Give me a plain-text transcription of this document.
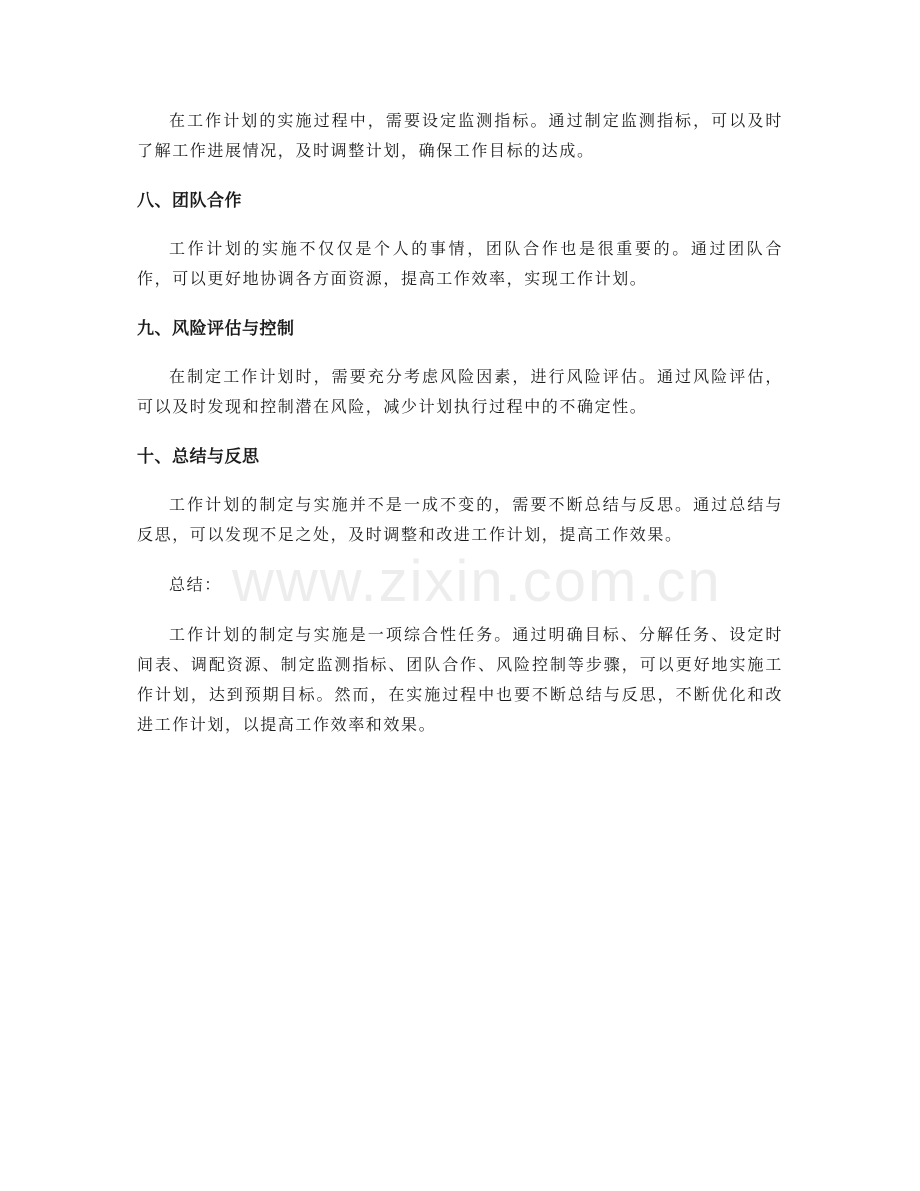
在工作计划的实施过程中，需要设定监测指标。通过制定监测指标，可以及时了解工作进展情况，及时调整计划，确保工作目标的达成。

八、团队合作

工作计划的实施不仅仅是个人的事情，团队合作也是很重要的。通过团队合作，可以更好地协调各方面资源，提高工作效率，实现工作计划。

九、风险评估与控制

在制定工作计划时，需要充分考虑风险因素，进行风险评估。通过风险评估，可以及时发现和控制潜在风险，减少计划执行过程中的不确定性。

十、总结与反思

工作计划的制定与实施并不是一成不变的，需要不断总结与反思。通过总结与反思，可以发现不足之处，及时调整和改进工作计划，提高工作效果。

总结：

工作计划的制定与实施是一项综合性任务。通过明确目标、分解任务、设定时间表、调配资源、制定监测指标、团队合作、风险控制等步骤，可以更好地实施工作计划，达到预期目标。然而，在实施过程中也要不断总结与反思，不断优化和改进工作计划，以提高工作效率和效果。

www.zixin.com.cn
